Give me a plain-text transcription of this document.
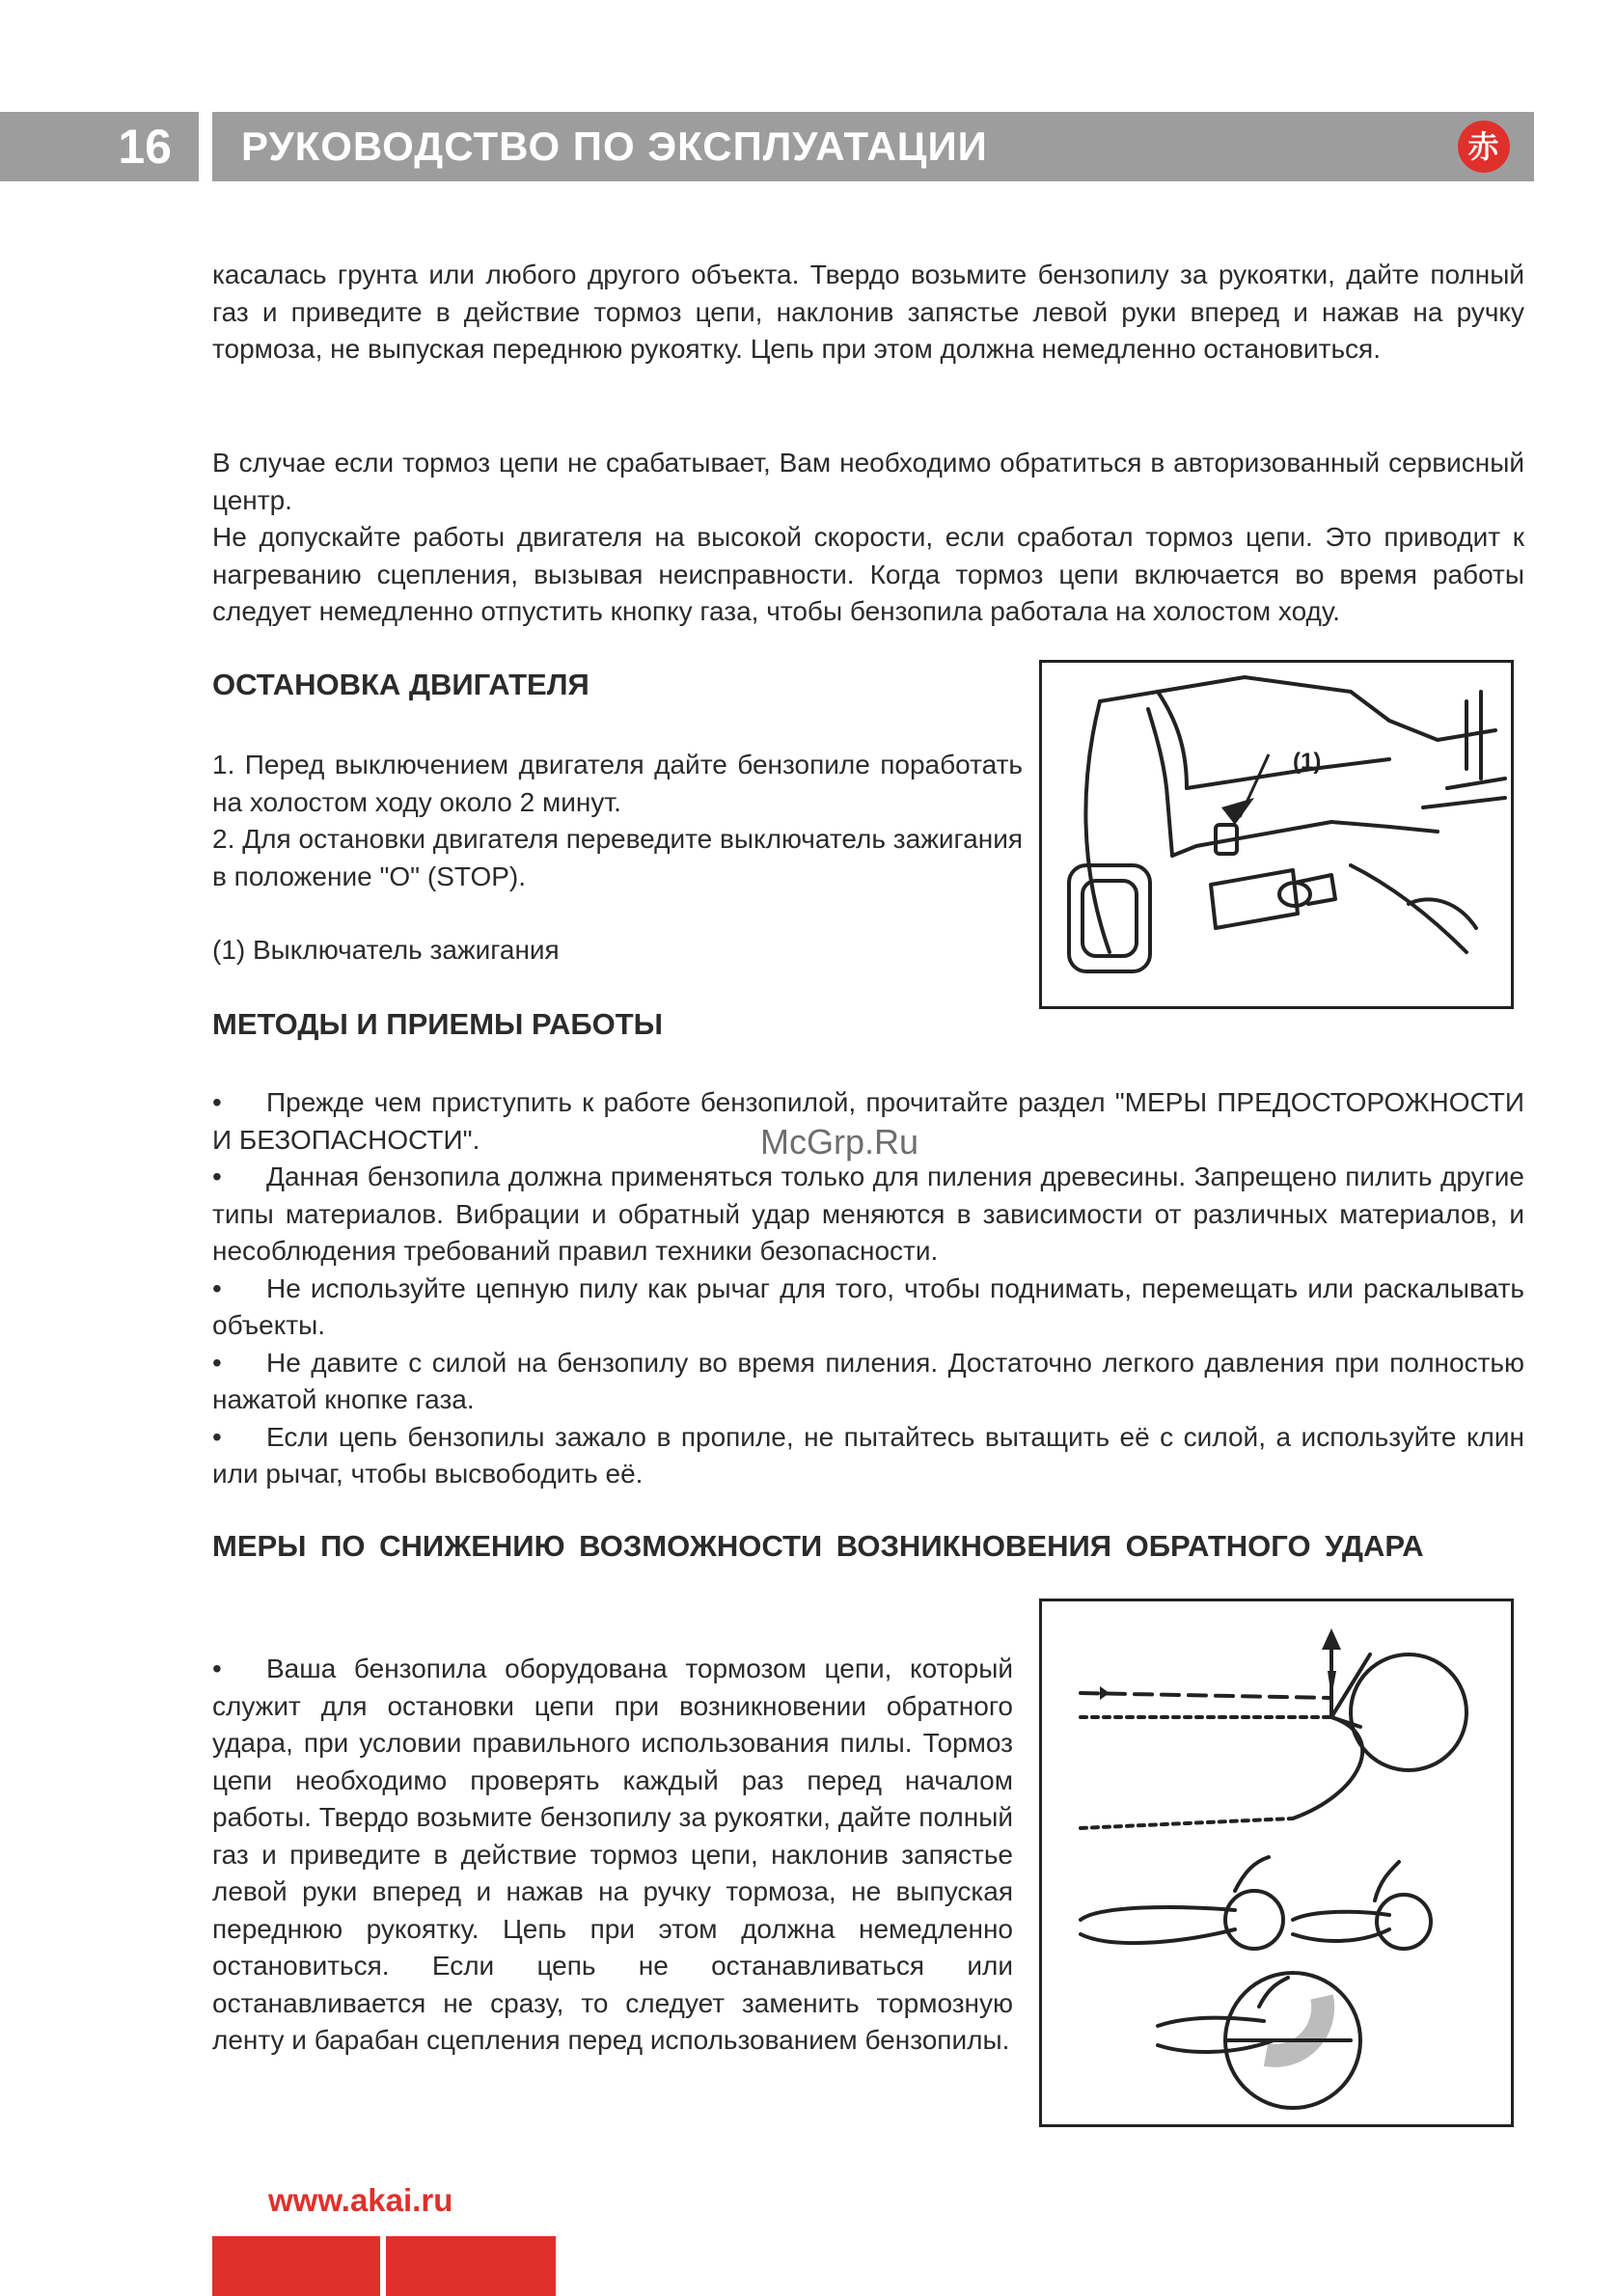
16	РУКОВОДСТВО ПО ЭКСПЛУАТАЦИИ	赤

касалась грунта или любого другого объекта. Твердо возьмите бензопилу за рукоятки, дайте полный газ и приведите в действие тормоз цепи, наклонив запястье левой руки вперед и нажав на ручку тормоза, не выпуская переднюю рукоятку. Цепь при этом должна немедленно остановиться.

В случае если тормоз цепи не срабатывает, Вам необходимо обратиться в авторизованный сервисный центр.

Не допускайте работы двигателя на высокой скорости, если сработал тормоз цепи. Это приводит к нагреванию сцепления, вызывая неисправности. Когда тормоз цепи включается во время работы следует немедленно отпустить кнопку газа, чтобы бензопила работала на холостом ходу.

ОСТАНОВКА ДВИГАТЕЛЯ

1. Перед выключением двигателя дайте бензопиле поработать на холостом ходу около 2 минут.

2. Для остановки двигателя переведите выключатель зажигания в положение "O" (STOP).

(1) Выключатель зажигания

(1)
МЕТОДЫ И ПРИЕМЫ РАБОТЫ
• Прежде чем приступить к работе бензопилой, прочитайте раздел "МЕРЫ ПРЕДОСТОРОЖНОСТИ И БЕЗОПАСНОСТИ".
• Данная бензопила должна применяться только для пиления древесины. Запрещено пилить другие типы материалов. Вибрации и обратный удар меняются в зависимости от различных материалов, и несоблюдения требований правил техники безопасности.
• Не используйте цепную пилу как рычаг для того, чтобы поднимать, перемещать или раскалывать объекты.
• Не давите с силой на бензопилу во время пиления. Достаточно легкого давления при полностью нажатой кнопке газа.
• Если цепь бензопилы зажало в пропиле, не пытайтесь вытащить её с силой, а используйте клин или рычаг, чтобы высвободить её.
McGrp.Ru
МЕРЫ ПО СНИЖЕНИЮ ВОЗМОЖНОСТИ ВОЗНИКНОВЕНИЯ ОБРАТНОГО УДАРА

• Ваша бензопила оборудована тормозом цепи, который служит для остановки цепи при возникновении обратного удара, при условии правильного использования пилы. Тормоз цепи необходимо проверять каждый раз перед началом работы. Твердо возьмите бензопилу за рукоятки, дайте полный газ и приведите в действие тормоз цепи, наклонив запястье левой руки вперед и нажав на ручку тормоза, не выпуская переднюю рукоятку. Цепь при этом должна немедленно остановиться. Если цепь не останавливаться или останавливается не сразу, то следует заменить тормозную ленту и барабан сцепления перед использованием бензопилы.

www.akai.ru
